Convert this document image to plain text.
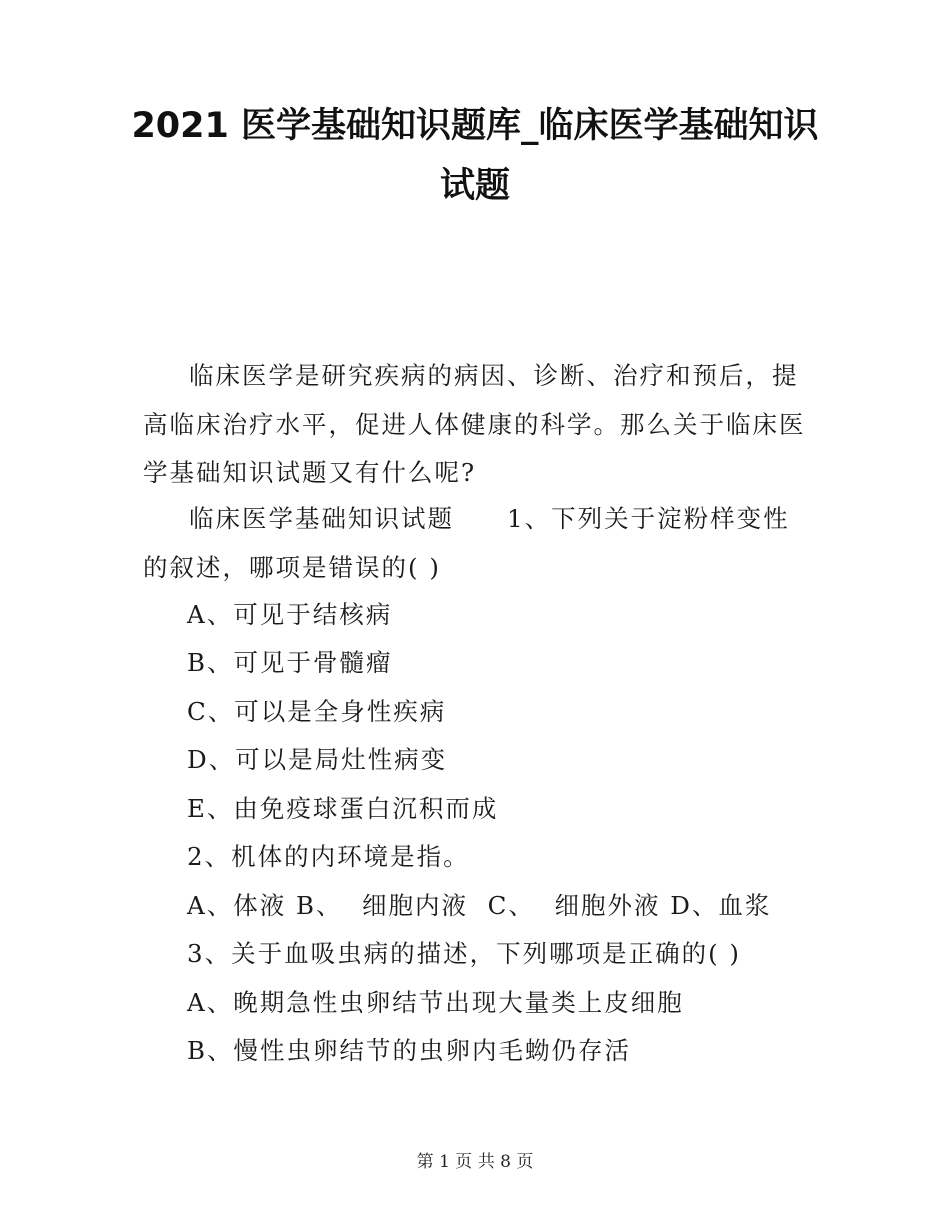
2021 医学基础知识题库_临床医学基础知识试题

临床医学是研究疾病的病因、诊断、治疗和预后，提高临床治疗水平，促进人体健康的科学。那么关于临床医学基础知识试题又有什么呢?

临床医学基础知识试题　　1、下列关于淀粉样变性的叙述，哪项是错误的( )

A、可见于结核病
B、可见于骨髓瘤
C、可以是全身性疾病
D、可以是局灶性病变
E、由免疫球蛋白沉积而成
2、机体的内环境是指。
A、体液 B、  细胞内液  C、  细胞外液 D、血浆
3、关于血吸虫病的描述，下列哪项是正确的( )
A、晚期急性虫卵结节出现大量类上皮细胞
B、慢性虫卵结节的虫卵内毛蚴仍存活
第 1 页 共 8 页
